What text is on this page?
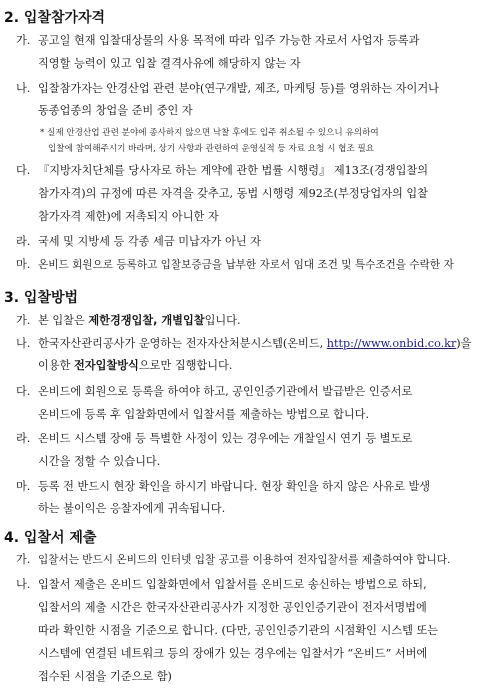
2. 입찰참가자격
가. 공고일 현재 입찰대상물의 사용 목적에 따라 입주 가능한 자로서 사업자 등록과
직영할 능력이 있고 입찰 결격사유에 해당하지 않는 자
나. 입찰참가자는 안경산업 관련 분야(연구개발, 제조, 마케팅 등)를 영위하는 자이거나
동종업종의 창업을 준비 중인 자
* 실제 안경산업 관련 분야에 종사하지 않으면 낙찰 후에도 입주 취소될 수 있으니 유의하여
입찰에 참여해주시기 바라며, 상기 사항과 관련하여 운영실적 등 자료 요청 시 협조 필요
다. 『지방자치단체를 당사자로 하는 계약에 관한 법률 시행령』 제13조(경쟁입찰의
참가자격)의 규정에 따른 자격을 갖추고, 동법 시행령 제92조(부정당업자의 입찰
참가자격 제한)에 저촉되지 아니한 자
라. 국세 및 지방세 등 각종 세금 미납자가 아닌 자
마. 온비드 회원으로 등록하고 입찰보증금을 납부한 자로서 임대 조건 및 특수조건을 수락한 자
3. 입찰방법
가. 본 입찰은 제한경쟁입찰, 개별입찰입니다.
나. 한국자산관리공사가 운영하는 전자자산처분시스템(온비드, http://www.onbid.co.kr)을
이용한 전자입찰방식으로만 집행합니다.
다. 온비드에 회원으로 등록을 하여야 하고, 공인인증기관에서 발급받은 인증서로
온비드에 등록 후 입찰화면에서 입찰서를 제출하는 방법으로 합니다.
라. 온비드 시스템 장애 등 특별한 사정이 있는 경우에는 개찰일시 연기 등 별도로
시간을 정할 수 있습니다.
마. 등록 전 반드시 현장 확인을 하시기 바랍니다. 현장 확인을 하지 않은 사유로 발생
하는 불이익은 응찰자에게 귀속됩니다.
4. 입찰서 제출
가. 입찰서는 반드시 온비드의 인터넷 입찰 공고를 이용하여 전자입찰서를 제출하여야 합니다.
나. 입찰서 제출은 온비드 입찰화면에서 입찰서를 온비드로 송신하는 방법으로 하되,
입찰서의 제출 시간은 한국자산관리공사가 지정한 공인인증기관이 전자서명법에
따라 확인한 시점을 기준으로 합니다. (다만, 공인인증기관의 시점확인 시스템 또는
시스템에 연결된 네트워크 등의 장애가 있는 경우에는 입찰서가 “온비드” 서버에
접수된 시점을 기준으로 함)
